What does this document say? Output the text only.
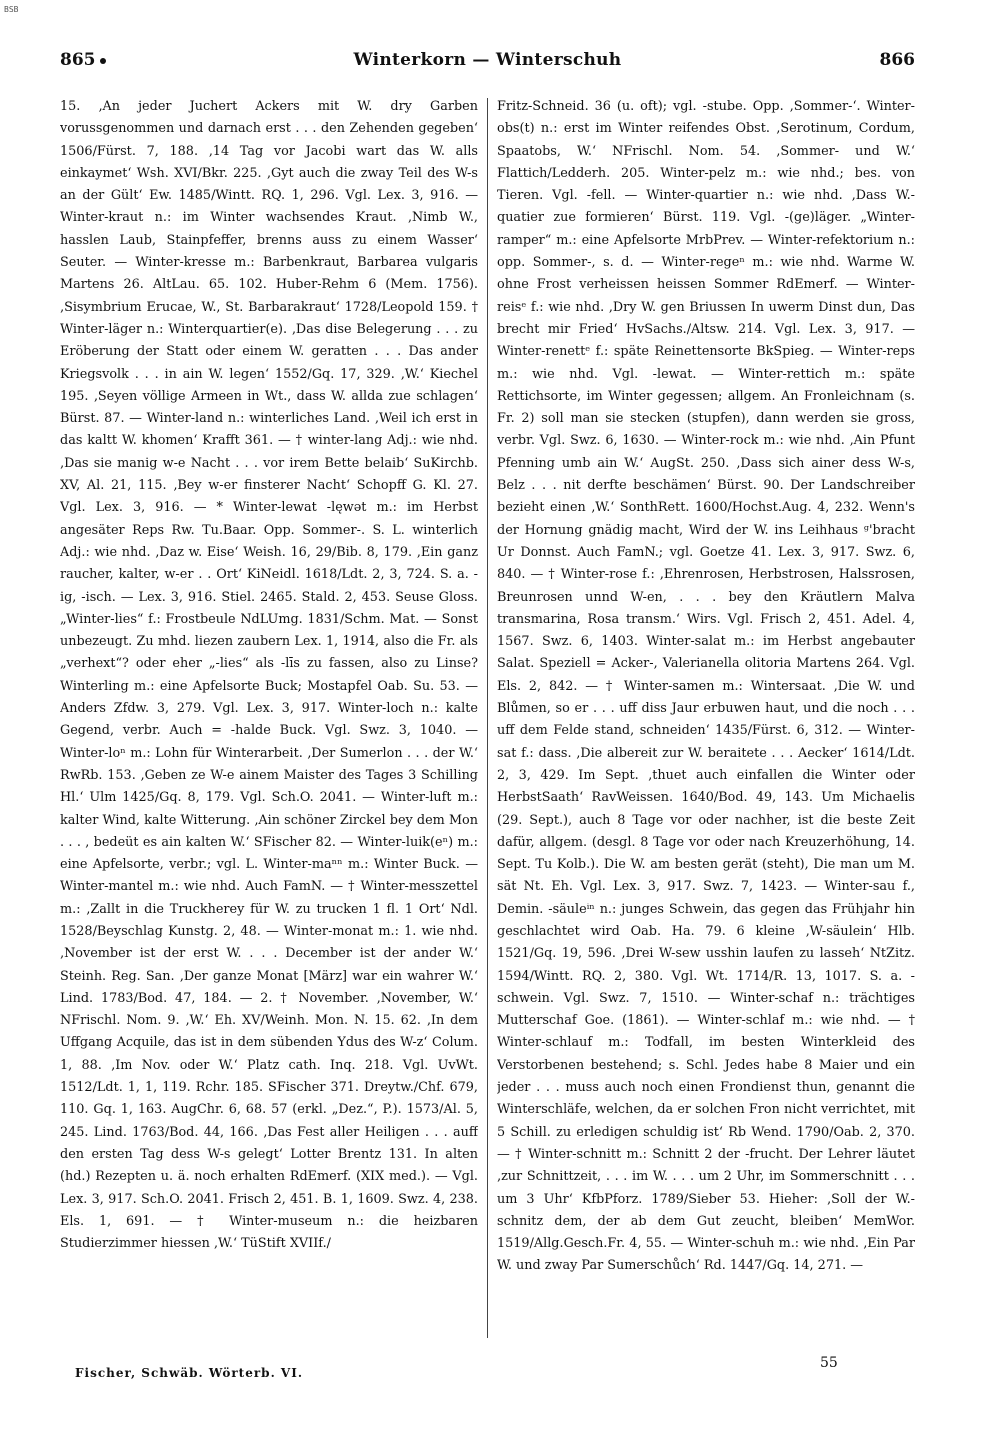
BSB
865	Winterkorn — Winterschuh	866

15. ‚An jeder Juchert Ackers mit W. dry Garben vorussgenommen und darnach erst . . . den Zehenden gegeben‘ 1506/Fürst. 7, 188. ‚14 Tag vor Jacobi wart das W. alls einkaymet‘ Wsh. XVI/Bkr. 225. ‚Gyt auch die zway Teil des W-s an der Gült‘ Ew. 1485/Wintt. RQ. 1, 296. Vgl. Lex. 3, 916. — Winter-kraut n.: im Winter wachsendes Kraut. ‚Nimb W., hasslen Laub, Stainpfeffer, brenns auss zu einem Wasser‘ Seuter. — Winter-kresse m.: Barbenkraut, Barbarea vulgaris Martens 26. AltLau. 65. 102. Huber-Rehm 6 (Mem. 1756). ‚Sisymbrium Erucae, W., St. Barbarakraut‘ 1728/Leopold 159. † Winter-läger n.: Winterquartier(e). ‚Das dise Belegerung . . . zu Eröberung der Statt oder einem W. geratten . . . Das ander Kriegsvolk . . . in ain W. legen‘ 1552/Gq. 17, 329. ‚W.‘ Kiechel 195. ‚Seyen völlige Armeen in Wt., dass W. allda zue schlagen‘ Bürst. 87. — Winter-land n.: winterliches Land. ‚Weil ich erst in das kaltt W. khomen‘ Krafft 361. — † winter-lang Adj.: wie nhd. ‚Das sie manig w-e Nacht . . . vor irem Bette belaib‘ SuKirchb. XV, Al. 21, 115. ‚Bey w-er finsterer Nacht‘ Schopff G. Kl. 27. Vgl. Lex. 3, 916. — * Winter-lewat -lęwət m.: im Herbst angesäter Reps Rw. Tu.Baar. Opp. Sommer-. S. L. winterlich Adj.: wie nhd. ‚Daz w. Eise‘ Weish. 16, 29/Bib. 8, 179. ‚Ein ganz raucher, kalter, w-er . . Ort‘ KiNeidl. 1618/Ldt. 2, 3, 724. S. a. -ig, -isch. — Lex. 3, 916. Stiel. 2465. Stald. 2, 453. Seuse Gloss. „Winter-lies“ f.: Frostbeule NdLUmg. 1831/Schm. Mat. — Sonst unbezeugt. Zu mhd. liezen zaubern Lex. 1, 1914, also die Fr. als „verhext“? oder eher „-lies“ als -līs zu fassen, also zu Linse? Winterling m.: eine Apfelsorte Buck; Mostapfel Oab. Su. 53. — Anders Zfdw. 3, 279. Vgl. Lex. 3, 917. Winter-loch n.: kalte Gegend, verbr. Auch = -halde Buck. Vgl. Swz. 3, 1040. — Winter-loⁿ m.: Lohn für Winterarbeit. ‚Der Sumerlon . . . der W.‘ RwRb. 153. ‚Geben ze W-e ainem Maister des Tages 3 Schilling Hl.‘ Ulm 1425/Gq. 8, 179. Vgl. Sch.O. 2041. — Winter-luft m.: kalter Wind, kalte Witterung. ‚Ain schöner Zirckel bey dem Mon . . . , bedeüt es ain kalten W.‘ SFischer 82. — Winter-luik(eⁿ) m.: eine Apfelsorte, verbr.; vgl. L. Winter-maⁿⁿ m.: Winter Buck. — Winter-mantel m.: wie nhd. Auch FamN. — † Winter-messzettel m.: ‚Zallt in die Truckherey für W. zu trucken 1 fl. 1 Ort‘ Ndl. 1528/Beyschlag Kunstg. 2, 48. — Winter-monat m.: 1. wie nhd. ‚November ist der erst W. . . . December ist der ander W.‘ Steinh. Reg. San. ‚Der ganze Monat [März] war ein wahrer W.‘ Lind. 1783/Bod. 47, 184. — 2. † November. ‚November, W.‘ NFrischl. Nom. 9. ‚W.‘ Eh. XV/Weinh. Mon. N. 15. 62. ‚In dem Uffgang Acquile, das ist in dem sübenden Ydus des W-z‘ Colum. 1, 88. ‚Im Nov. oder W.‘ Platz cath. Inq. 218. Vgl. UvWt. 1512/Ldt. 1, 1, 119. Rchr. 185. SFischer 371. Dreytw./Chf. 679, 110. Gq. 1, 163. AugChr. 6, 68. 57 (erkl. „Dez.“, P.). 1573/Al. 5, 245. Lind. 1763/Bod. 44, 166. ‚Das Fest aller Heiligen . . . auff den ersten Tag dess W-s gelegt‘ Lotter Brentz 131. In alten (hd.) Rezepten u. ä. noch erhalten RdEmerf. (XIX med.). — Vgl. Lex. 3, 917. Sch.O. 2041. Frisch 2, 451. B. 1, 1609. Swz. 4, 238. Els. 1, 691. — † Winter-museum n.: die heizbaren Studierzimmer hiessen ‚W.‘ TüStift XVIIf./

Fritz-Schneid. 36 (u. oft); vgl. -stube. Opp. ‚Sommer-‘. Winter-obs(t) n.: erst im Winter reifendes Obst. ‚Serotinum, Cordum, Spaatobs, W.‘ NFrischl. Nom. 54. ‚Sommer- und W.‘ Flattich/Ledderh. 205. Winter-pelz m.: wie nhd.; bes. von Tieren. Vgl. -fell. — Winter-quartier n.: wie nhd. ‚Dass W.-quatier zue formieren‘ Bürst. 119. Vgl. -(ge)läger. „Winter-ramper“ m.: eine Apfelsorte MrbPrev. — Winter-refektorium n.: opp. Sommer-, s. d. — Winter-regeⁿ m.: wie nhd. Warme W. ohne Frost verheissen heissen Sommer RdEmerf. — Winter-reisᵉ f.: wie nhd. ‚Dry W. gen Briussen In uwerm Dinst dun, Das brecht mir Fried‘ HvSachs./Altsw. 214. Vgl. Lex. 3, 917. — Winter-renettᵉ f.: späte Reinettensorte BkSpieg. — Winter-reps m.: wie nhd. Vgl. -lewat. — Winter-rettich m.: späte Rettichsorte, im Winter gegessen; allgem. An Fronleichnam (s. Fr. 2) soll man sie stecken (stupfen), dann werden sie gross, verbr. Vgl. Swz. 6, 1630. — Winter-rock m.: wie nhd. ‚Ain Pfunt Pfenning umb ain W.‘ AugSt. 250. ‚Dass sich ainer dess W-s, Belz . . . nit derfte beschämen‘ Bürst. 90. Der Landschreiber bezieht einen ‚W.‘ SonthRett. 1600/Hochst.Aug. 4, 232. Wenn's der Hornung gnädig macht, Wird der W. ins Leihhaus ᵍ'bracht Ur Donnst. Auch FamN.; vgl. Goetze 41. Lex. 3, 917. Swz. 6, 840. — † Winter-rose f.: ‚Ehrenrosen, Herbstrosen, Halssrosen, Breunrosen unnd W-en, . . . bey den Kräutlern Malva transmarina, Rosa transm.‘ Wirs. Vgl. Frisch 2, 451. Adel. 4, 1567. Swz. 6, 1403. Winter-salat m.: im Herbst angebauter Salat. Speziell = Acker-, Valerianella olitoria Martens 264. Vgl. Els. 2, 842. — † Winter-samen m.: Wintersaat. ‚Die W. und Blůmen, so er . . . uff diss Jaur erbuwen haut, und die noch . . . uff dem Felde stand, schneiden‘ 1435/Fürst. 6, 312. — Winter-sat f.: dass. ‚Die albereit zur W. beraitete . . . Aecker‘ 1614/Ldt. 2, 3, 429. Im Sept. ‚thuet auch einfallen die Winter oder HerbstSaath‘ RavWeissen. 1640/Bod. 49, 143. Um Michaelis (29. Sept.), auch 8 Tage vor oder nachher, ist die beste Zeit dafür, allgem. (desgl. 8 Tage vor oder nach Kreuzerhöhung, 14. Sept. Tu Kolb.). Die W. am besten gerät (steht), Die man um M. sät Nt. Eh. Vgl. Lex. 3, 917. Swz. 7, 1423. — Winter-sau f., Demin. -säuleⁱⁿ n.: junges Schwein, das gegen das Frühjahr hin geschlachtet wird Oab. Ha. 79. 6 kleine ‚W-säulein‘ Hlb. 1521/Gq. 19, 596. ‚Drei W-sew usshin laufen zu lasseh‘ NtZitz. 1594/Wintt. RQ. 2, 380. Vgl. Wt. 1714/R. 13, 1017. S. a. -schwein. Vgl. Swz. 7, 1510. — Winter-schaf n.: trächtiges Mutterschaf Goe. (1861). — Winter-schlaf m.: wie nhd. — † Winter-schlauf m.: Todfall, im besten Winterkleid des Verstorbenen bestehend; s. Schl. Jedes habe 8 Maier und ein jeder . . . muss auch noch einen Frondienst thun, genannt die Winterschläfe, welchen, da er solchen Fron nicht verrichtet, mit 5 Schill. zu erledigen schuldig ist‘ Rb Wend. 1790/Oab. 2, 370. — † Winter-schnitt m.: Schnitt 2 der -frucht. Der Lehrer läutet ‚zur Schnittzeit, . . . im W. . . . um 2 Uhr, im Sommerschnitt . . . um 3 Uhr‘ KfbPforz. 1789/Sieber 53. Hieher: ‚Soll der W.-schnitz dem, der ab dem Gut zeucht, bleiben‘ MemWor. 1519/Allg.Gesch.Fr. 4, 55. — Winter-schuh m.: wie nhd. ‚Ein Par W. und zway Par Sumerschůch‘ Rd. 1447/Gq. 14, 271. —

Fischer, Schwäb. Wörterb. VI.
55
